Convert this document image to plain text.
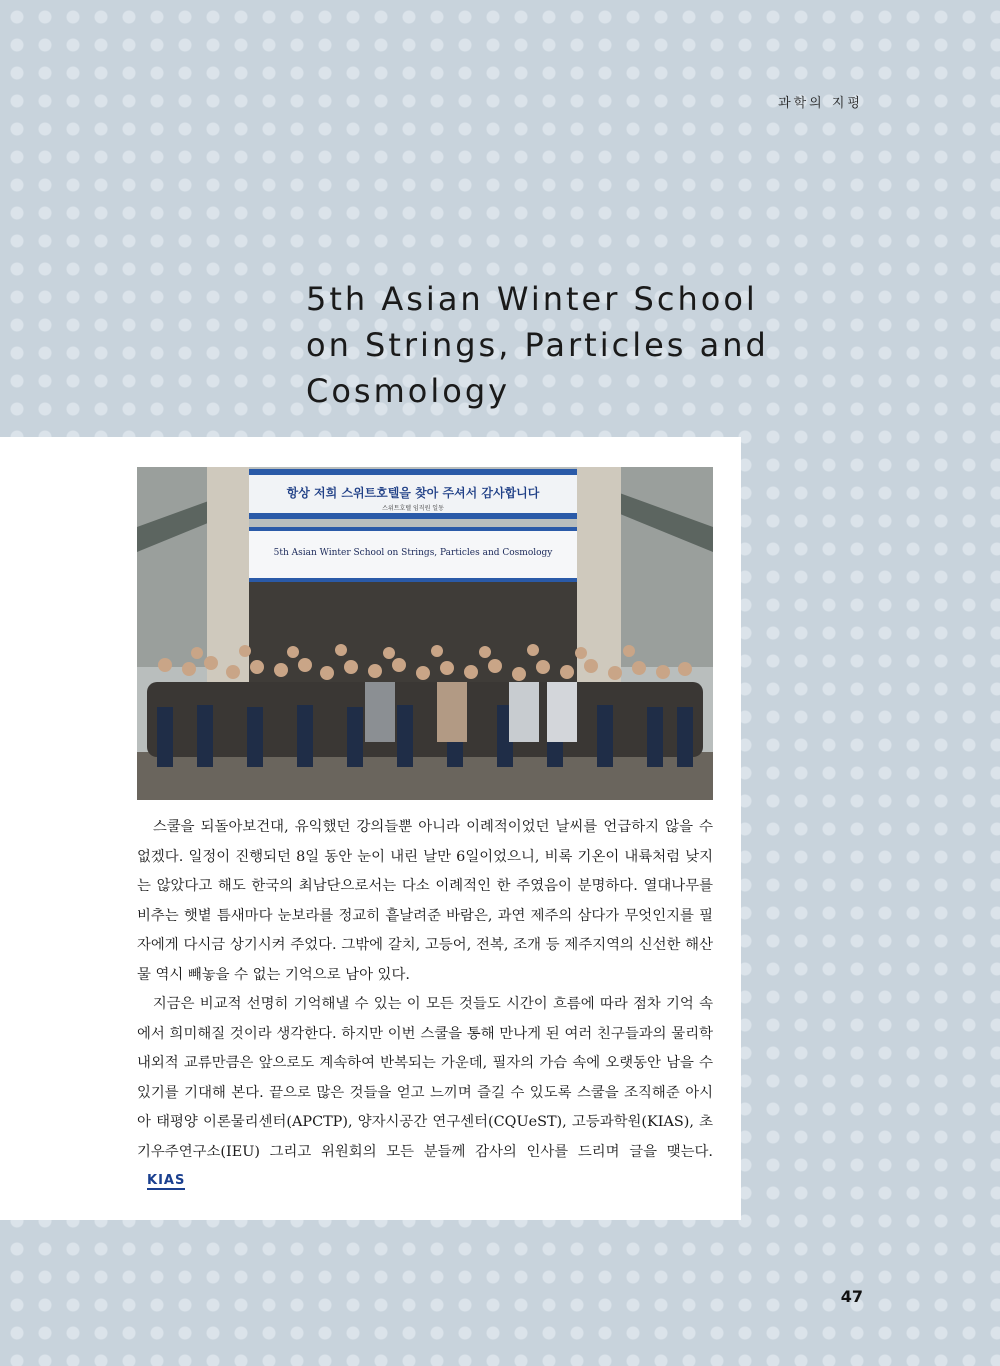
과학의 지평
5th Asian Winter School
on Strings, Particles and
Cosmology
항상 저희 스위트호텔을 찾아 주셔서 감사합니다
스위트호텔 임직원 일동
5th Asian Winter School on Strings, Particles and Cosmology

스쿨을 되돌아보건대, 유익했던 강의들뿐 아니라 이례적이었던 날씨를 언급하지 않을 수 없겠다. 일정이 진행되던 8일 동안 눈이 내린 날만 6일이었으니, 비록 기온이 내륙처럼 낮지는 않았다고 해도 한국의 최남단으로서는 다소 이례적인 한 주였음이 분명하다. 열대나무를 비추는 햇볕 틈새마다 눈보라를 정교히 흩날려준 바람은, 과연 제주의 삼다가 무엇인지를 필자에게 다시금 상기시켜 주었다. 그밖에 갈치, 고등어, 전복, 조개 등 제주지역의 신선한 해산물 역시 빼놓을 수 없는 기억으로 남아 있다.

지금은 비교적 선명히 기억해낼 수 있는 이 모든 것들도 시간이 흐름에 따라 점차 기억 속에서 희미해질 것이라 생각한다. 하지만 이번 스쿨을 통해 만나게 된 여러 친구들과의 물리학 내외적 교류만큼은 앞으로도 계속하여 반복되는 가운데, 필자의 가슴 속에 오랫동안 남을 수 있기를 기대해 본다. 끝으로 많은 것들을 얻고 느끼며 즐길 수 있도록 스쿨을 조직해준 아시아 태평양 이론물리센터(APCTP), 양자시공간 연구센터(CQUeST), 고등과학원(KIAS), 초기우주연구소(IEU) 그리고 위원회의 모든 분들께 감사의 인사를 드리며 글을 맺는다.KIAS

47
